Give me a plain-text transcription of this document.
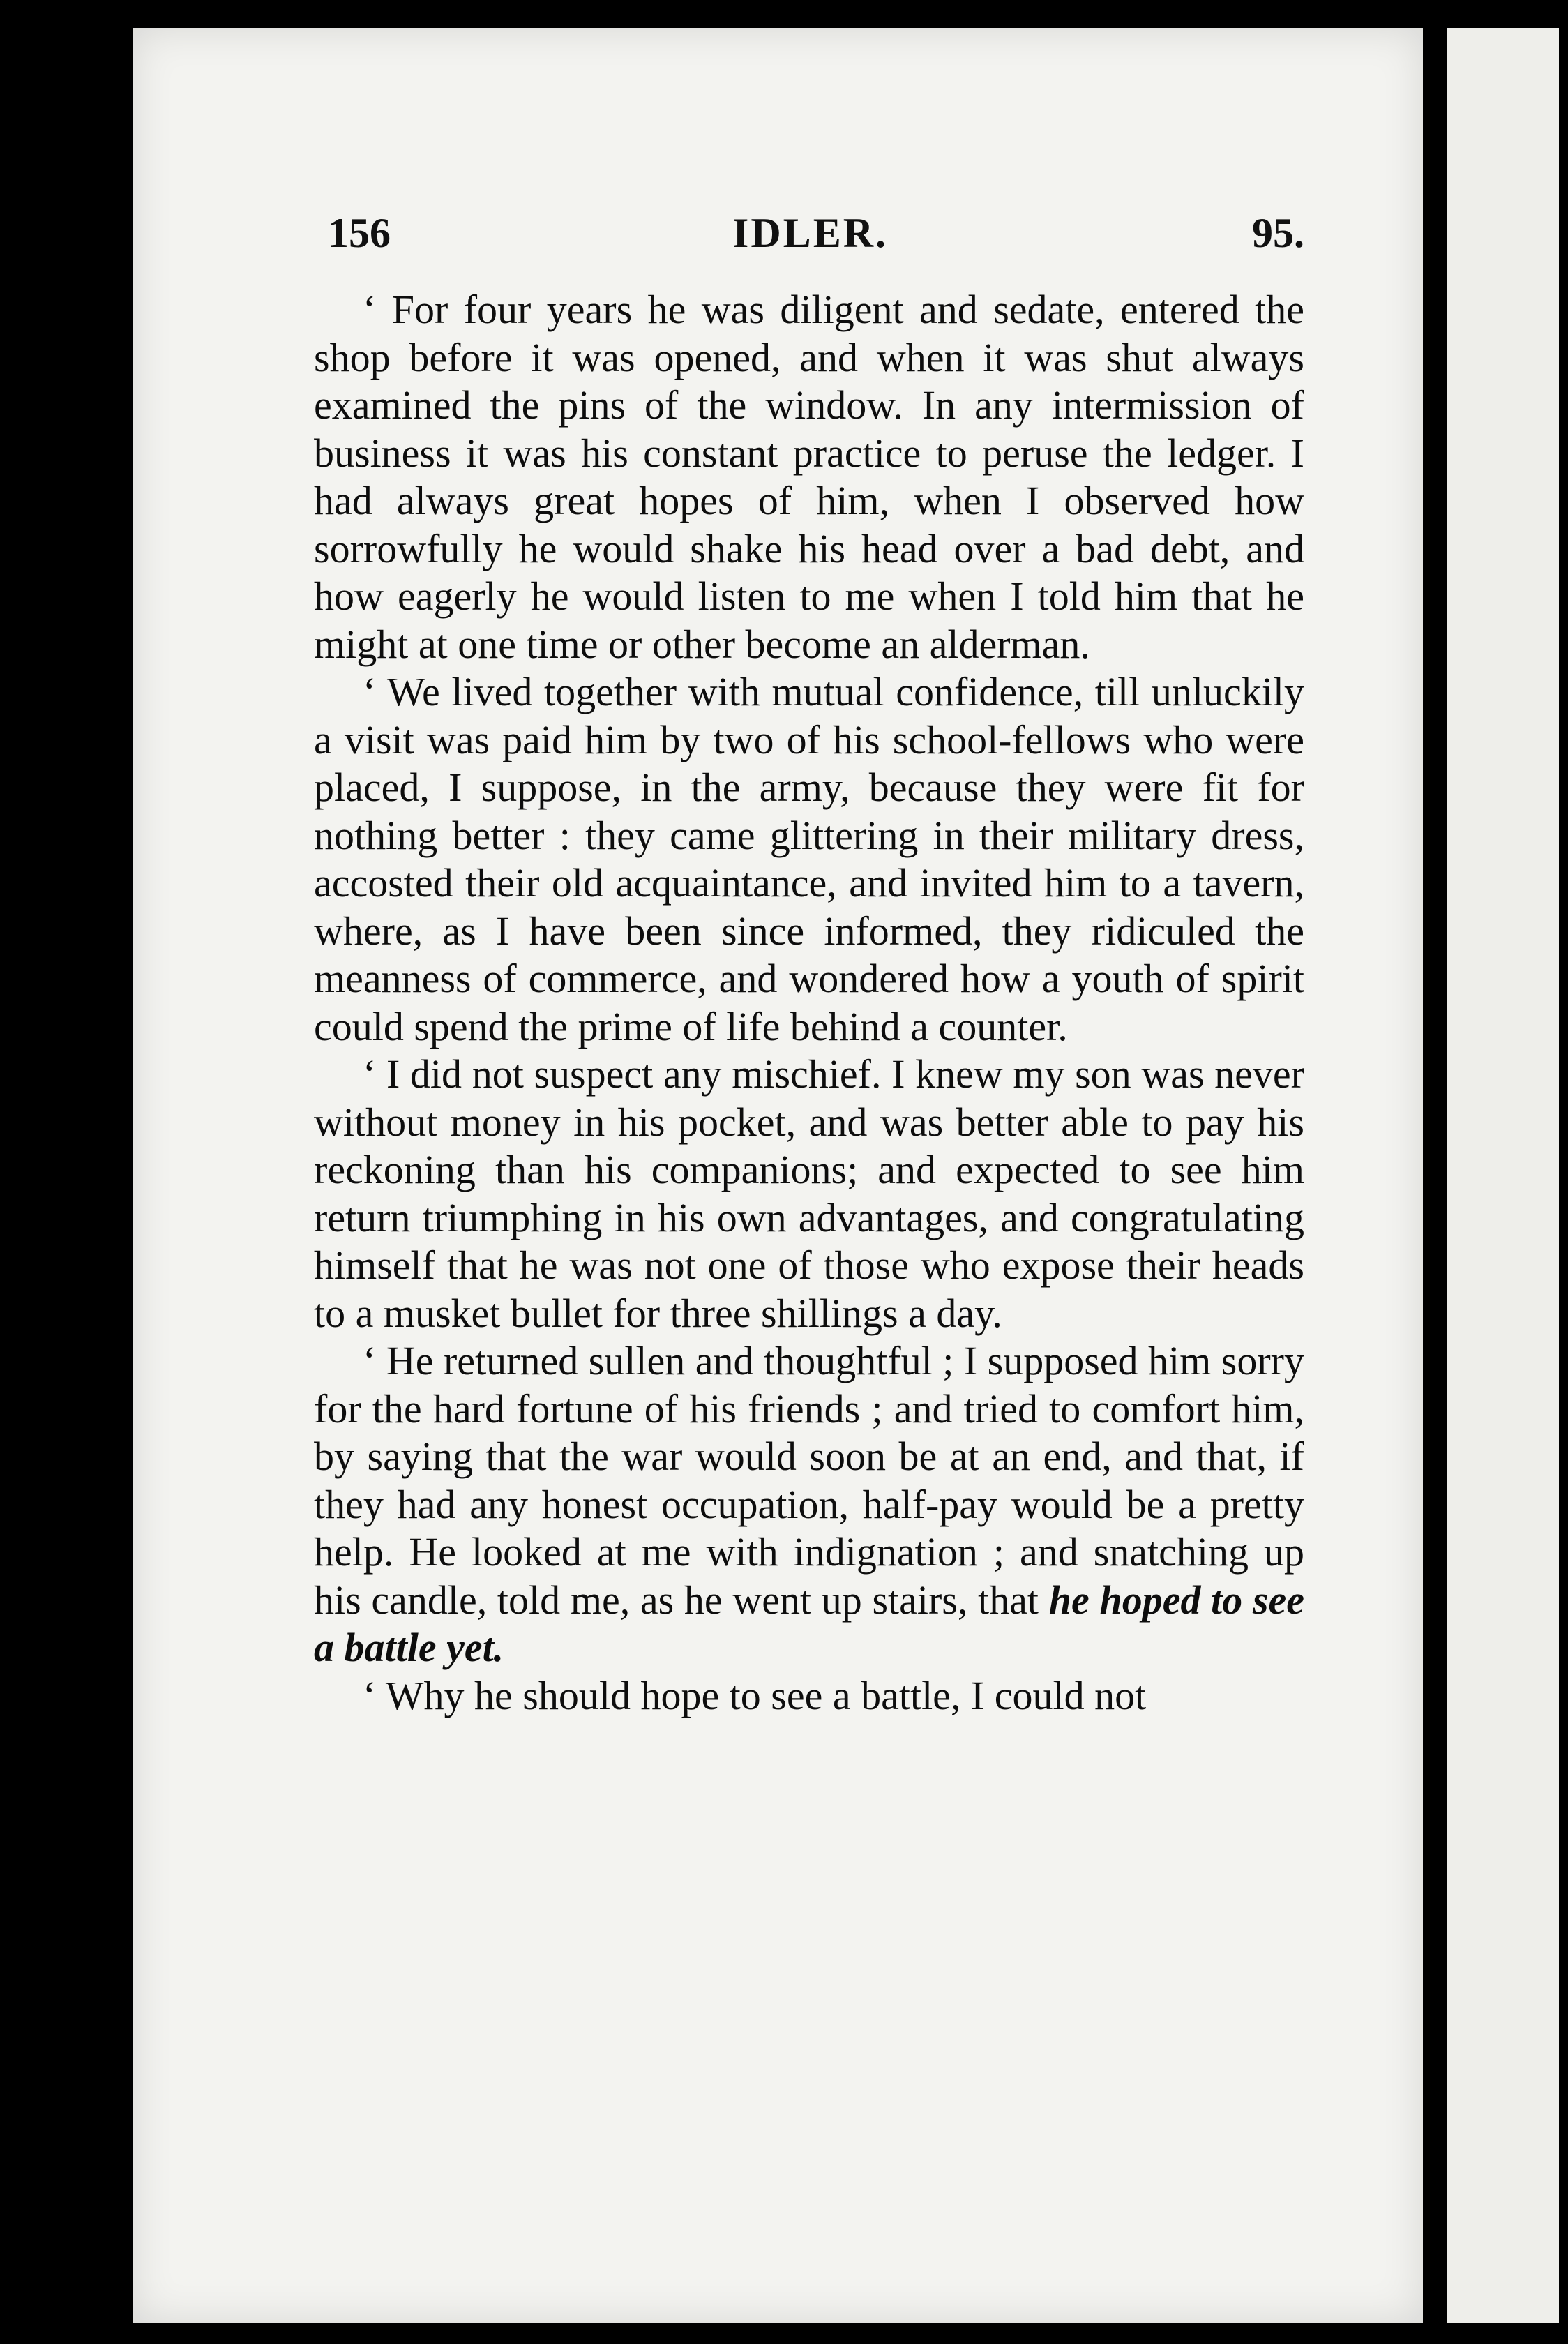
156	IDLER.	95.

‘ For four years he was diligent and sedate, entered the shop before it was opened, and when it was shut always examined the pins of the window. In any intermission of business it was his constant practice to peruse the ledger. I had always great hopes of him, when I observed how sorrowfully he would shake his head over a bad debt, and how eagerly he would listen to me when I told him that he might at one time or other become an alderman.

‘ We lived together with mutual confidence, till unluckily a visit was paid him by two of his school-fellows who were placed, I suppose, in the army, because they were fit for nothing better : they came glittering in their military dress, accosted their old acquaintance, and invited him to a tavern, where, as I have been since informed, they ridiculed the meanness of commerce, and wondered how a youth of spirit could spend the prime of life behind a counter.

‘ I did not suspect any mischief. I knew my son was never without money in his pocket, and was better able to pay his reckoning than his companions; and expected to see him return triumphing in his own advantages, and congratulating himself that he was not one of those who expose their heads to a musket bullet for three shillings a day.

‘ He returned sullen and thoughtful ; I supposed him sorry for the hard fortune of his friends ; and tried to comfort him, by saying that the war would soon be at an end, and that, if they had any honest occupation, half-pay would be a pretty help. He looked at me with indignation ; and snatching up his candle, told me, as he went up stairs, that he hoped to see a battle yet.

‘ Why he should hope to see a battle, I could not
